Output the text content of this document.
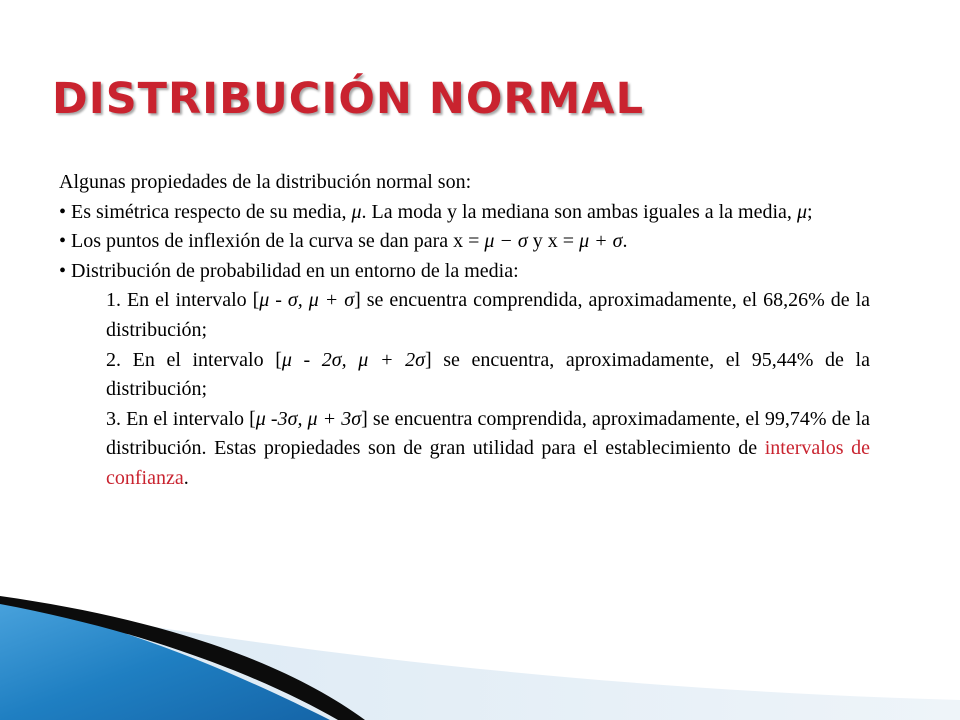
DISTRIBUCIÓN NORMAL

Algunas propiedades de la distribución normal son:

• Es simétrica respecto de su media, μ. La moda y la mediana son ambas iguales a la media, μ;

• Los puntos de inflexión de la curva se dan para x = μ − σ y x = μ + σ.

• Distribución de probabilidad en un entorno de la media:

1. En el intervalo [μ - σ, μ + σ] se encuentra comprendida, aproximadamente, el 68,26% de la distribución;

2. En el intervalo [μ - 2σ, μ + 2σ] se encuentra, aproximadamente, el 95,44% de la distribución;

3. En el intervalo [μ -3σ, μ + 3σ] se encuentra comprendida, aproximadamente, el 99,74% de la distribución. Estas propiedades son de gran utilidad para el establecimiento de intervalos de confianza.
